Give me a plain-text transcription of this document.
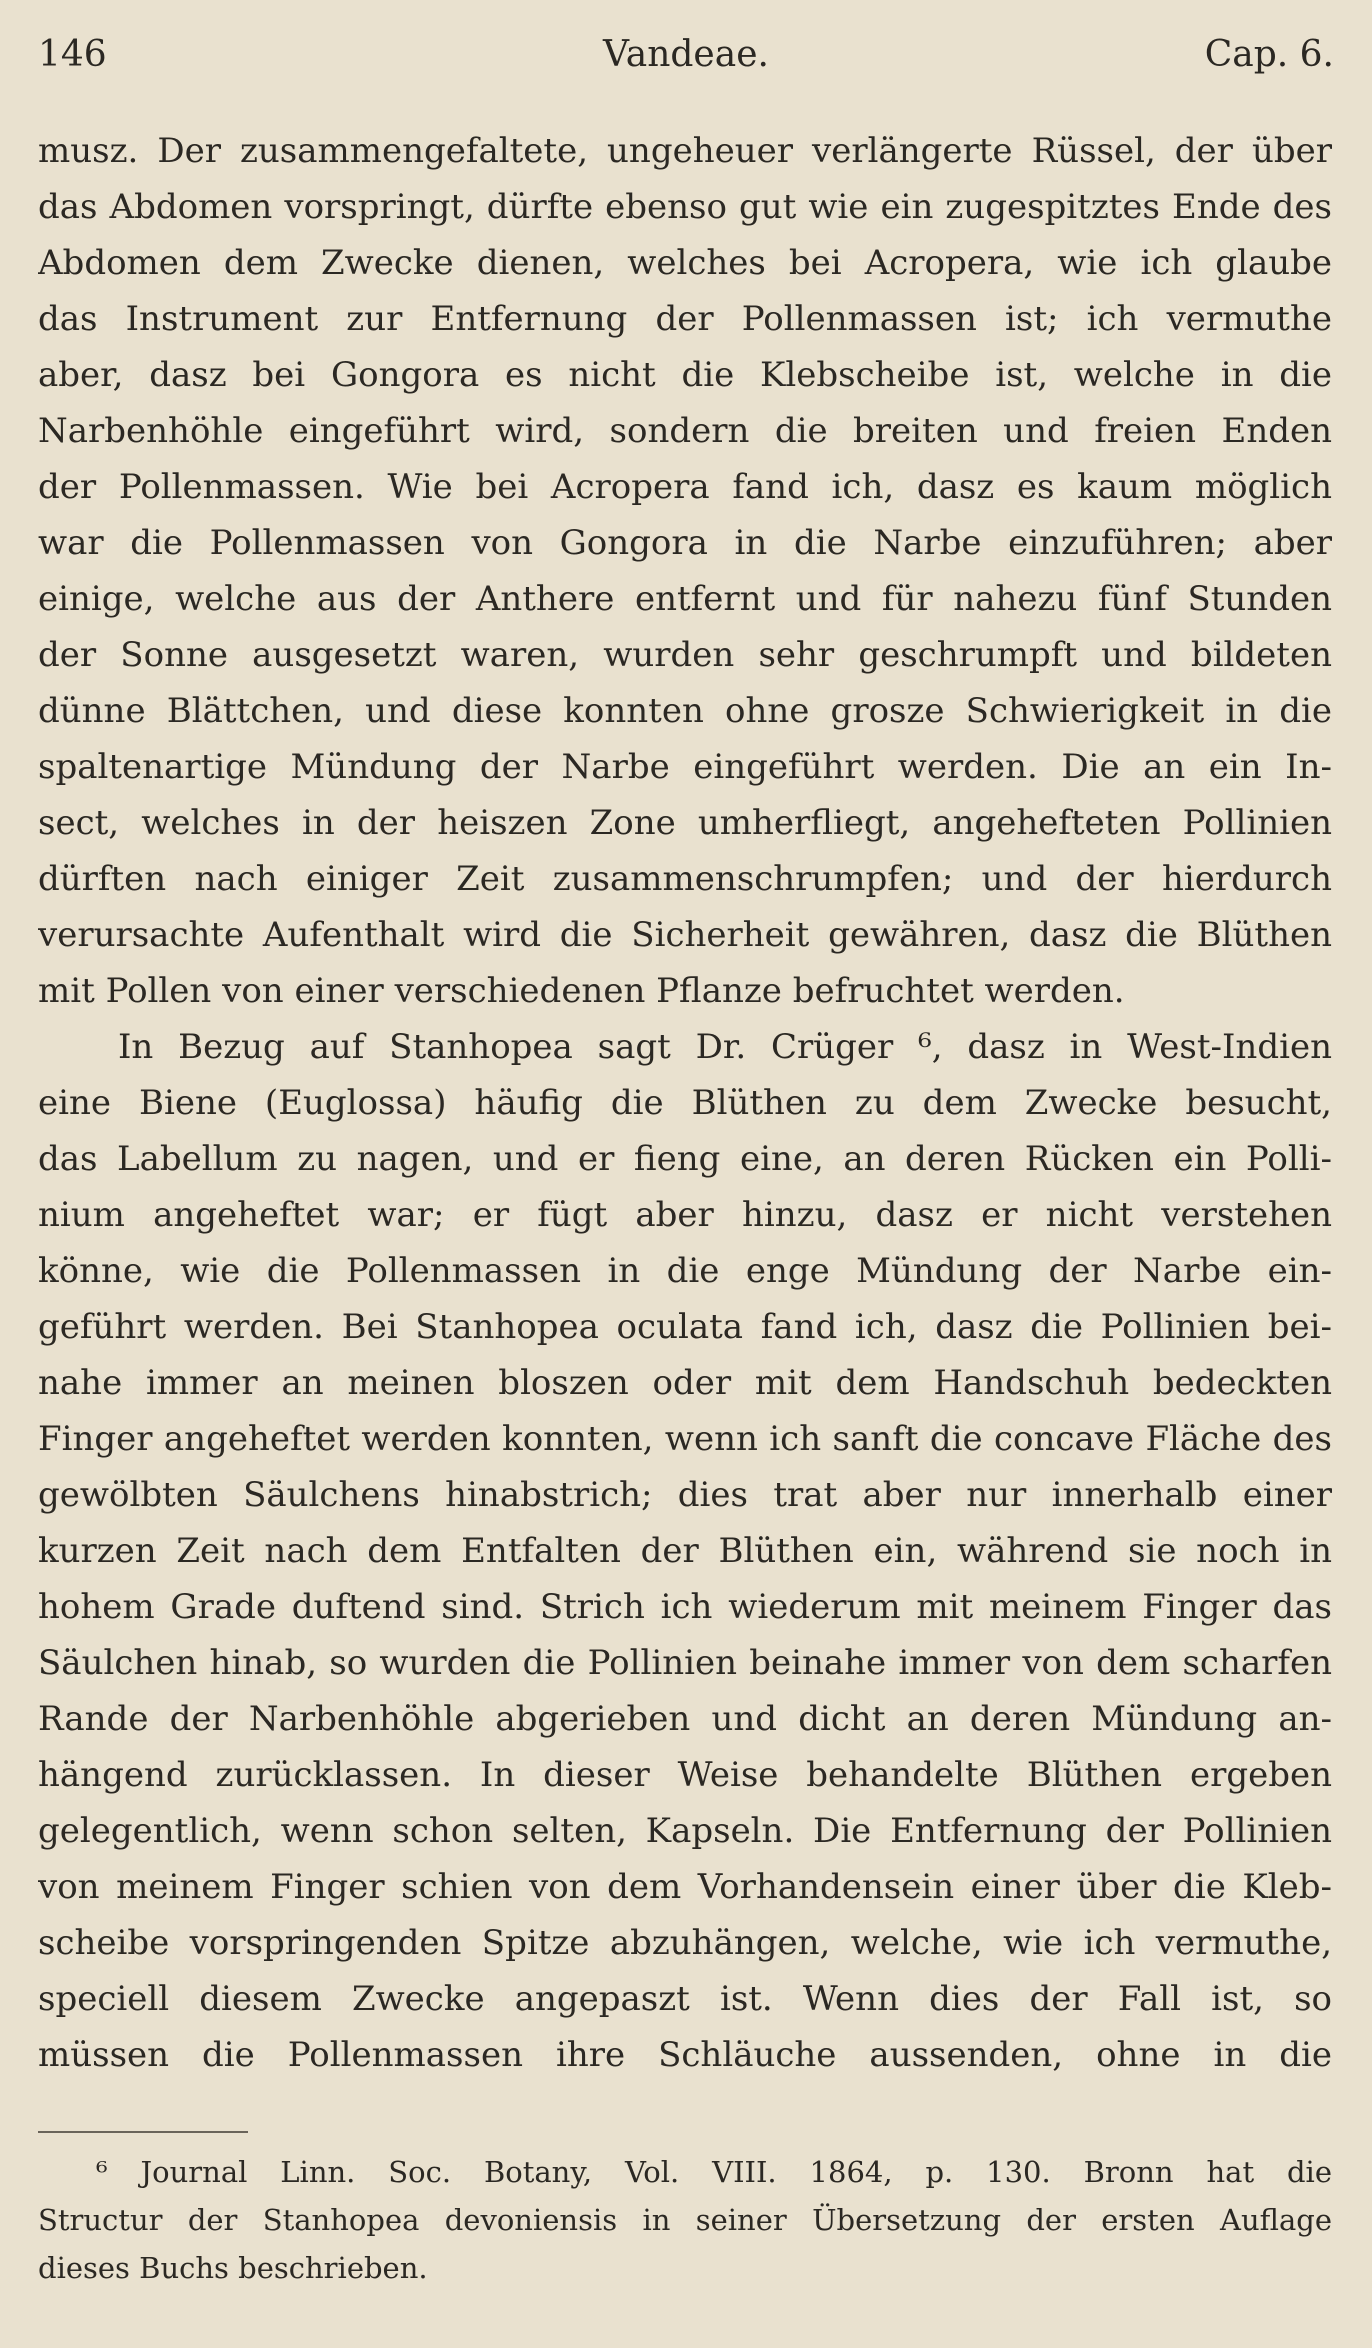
Vandeae.
146	Cap. 6.
musz. Der zusammengefaltete, ungeheuer verlängerte Rüssel, der über
das Abdomen vorspringt, dürfte ebenso gut wie ein zugespitztes Ende des
Abdomen dem Zwecke dienen, welches bei Acropera, wie ich glaube
das Instrument zur Entfernung der Pollenmassen ist; ich vermuthe
aber, dasz bei Gongora es nicht die Klebscheibe ist, welche in die
Narbenhöhle eingeführt wird, sondern die breiten und freien Enden
der Pollenmassen. Wie bei Acropera fand ich, dasz es kaum möglich
war die Pollenmassen von Gongora in die Narbe einzuführen; aber
einige, welche aus der Anthere entfernt und für nahezu fünf Stunden
der Sonne ausgesetzt waren, wurden sehr geschrumpft und bildeten
dünne Blättchen, und diese konnten ohne grosze Schwierigkeit in die
spaltenartige Mündung der Narbe eingeführt werden. Die an ein In-
sect, welches in der heiszen Zone umherfliegt, angehefteten Pollinien
dürften nach einiger Zeit zusammenschrumpfen; und der hierdurch
verursachte Aufenthalt wird die Sicherheit gewähren, dasz die Blüthen
mit Pollen von einer verschiedenen Pflanze befruchtet werden.
In Bezug auf Stanhopea sagt Dr. Crüger ⁶, dasz in West-Indien
eine Biene (Euglossa) häufig die Blüthen zu dem Zwecke besucht,
das Labellum zu nagen, und er fieng eine, an deren Rücken ein Polli-
nium angeheftet war; er fügt aber hinzu, dasz er nicht verstehen
könne, wie die Pollenmassen in die enge Mündung der Narbe ein-
geführt werden. Bei Stanhopea oculata fand ich, dasz die Pollinien bei-
nahe immer an meinen bloszen oder mit dem Handschuh bedeckten
Finger angeheftet werden konnten, wenn ich sanft die concave Fläche des
gewölbten Säulchens hinabstrich; dies trat aber nur innerhalb einer
kurzen Zeit nach dem Entfalten der Blüthen ein, während sie noch in
hohem Grade duftend sind. Strich ich wiederum mit meinem Finger das
Säulchen hinab, so wurden die Pollinien beinahe immer von dem scharfen
Rande der Narbenhöhle abgerieben und dicht an deren Mündung an-
hängend zurücklassen. In dieser Weise behandelte Blüthen ergeben
gelegentlich, wenn schon selten, Kapseln. Die Entfernung der Pollinien
von meinem Finger schien von dem Vorhandensein einer über die Kleb-
scheibe vorspringenden Spitze abzuhängen, welche, wie ich vermuthe,
speciell diesem Zwecke angepaszt ist. Wenn dies der Fall ist, so
müssen die Pollenmassen ihre Schläuche aussenden, ohne in die
⁶ Journal Linn. Soc. Botany, Vol. VIII. 1864, p. 130. Bronn hat die
Structur der Stanhopea devoniensis in seiner Übersetzung der ersten Auflage
dieses Buchs beschrieben.
